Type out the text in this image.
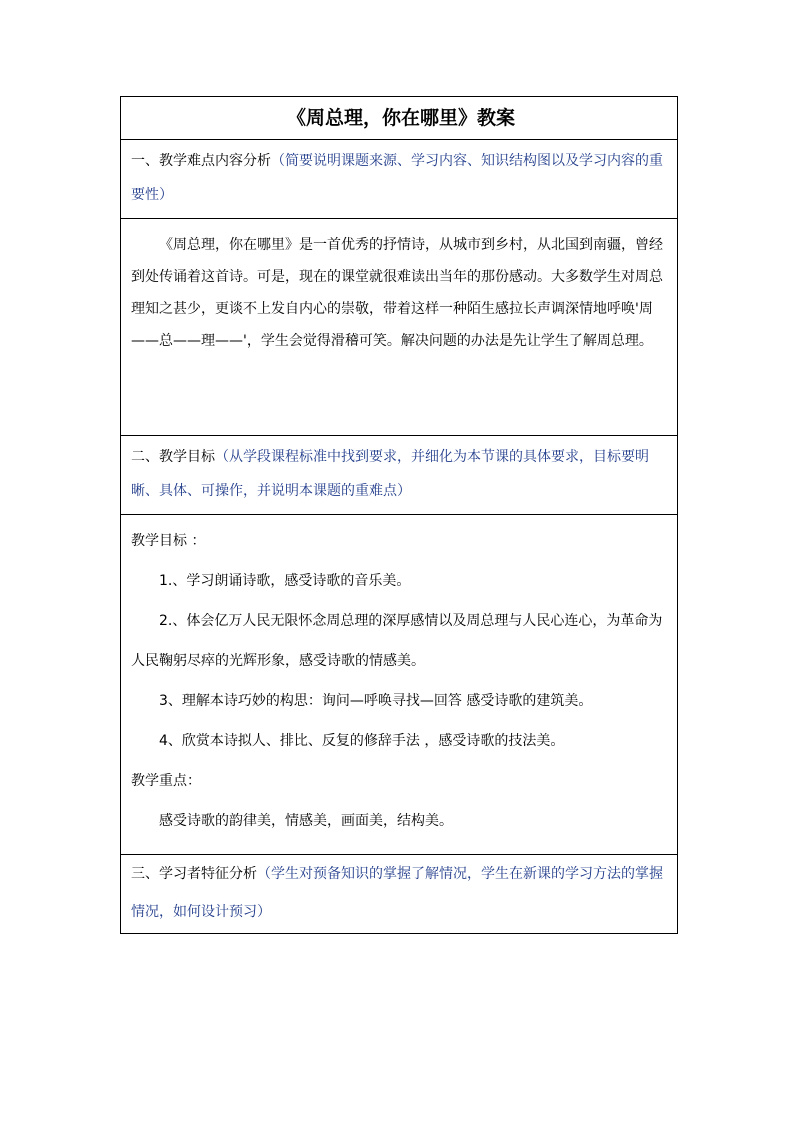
《周总理，你在哪里》教案
一、教学难点内容分析（简要说明课题来源、学习内容、知识结构图以及学习内容的重要性）

《周总理，你在哪里》是一首优秀的抒情诗，从城市到乡村，从北国到南疆，曾经到处传诵着这首诗。可是，现在的课堂就很难读出当年的那份感动。大多数学生对周总理知之甚少，更谈不上发自内心的崇敬，带着这样一种陌生感拉长声调深情地呼唤'周——总——理——'，学生会觉得滑稽可笑。解决问题的办法是先让学生了解周总理。

二、教学目标（从学段课程标准中找到要求，并细化为本节课的具体要求，目标要明晰、具体、可操作，并说明本课题的重难点）

教学目标 ：

1.、学习朗诵诗歌，感受诗歌的音乐美。

2.、体会亿万人民无限怀念周总理的深厚感情以及周总理与人民心连心，为革命为人民鞠躬尽瘁的光辉形象，感受诗歌的情感美。

3、理解本诗巧妙的构思：询问—呼唤寻找—回答 感受诗歌的建筑美。

4、欣赏本诗拟人、排比、反复的修辞手法 ，感受诗歌的技法美。

教学重点：

感受诗歌的韵律美，情感美，画面美，结构美。

三、学习者特征分析（学生对预备知识的掌握了解情况，学生在新课的学习方法的掌握情况，如何设计预习）
